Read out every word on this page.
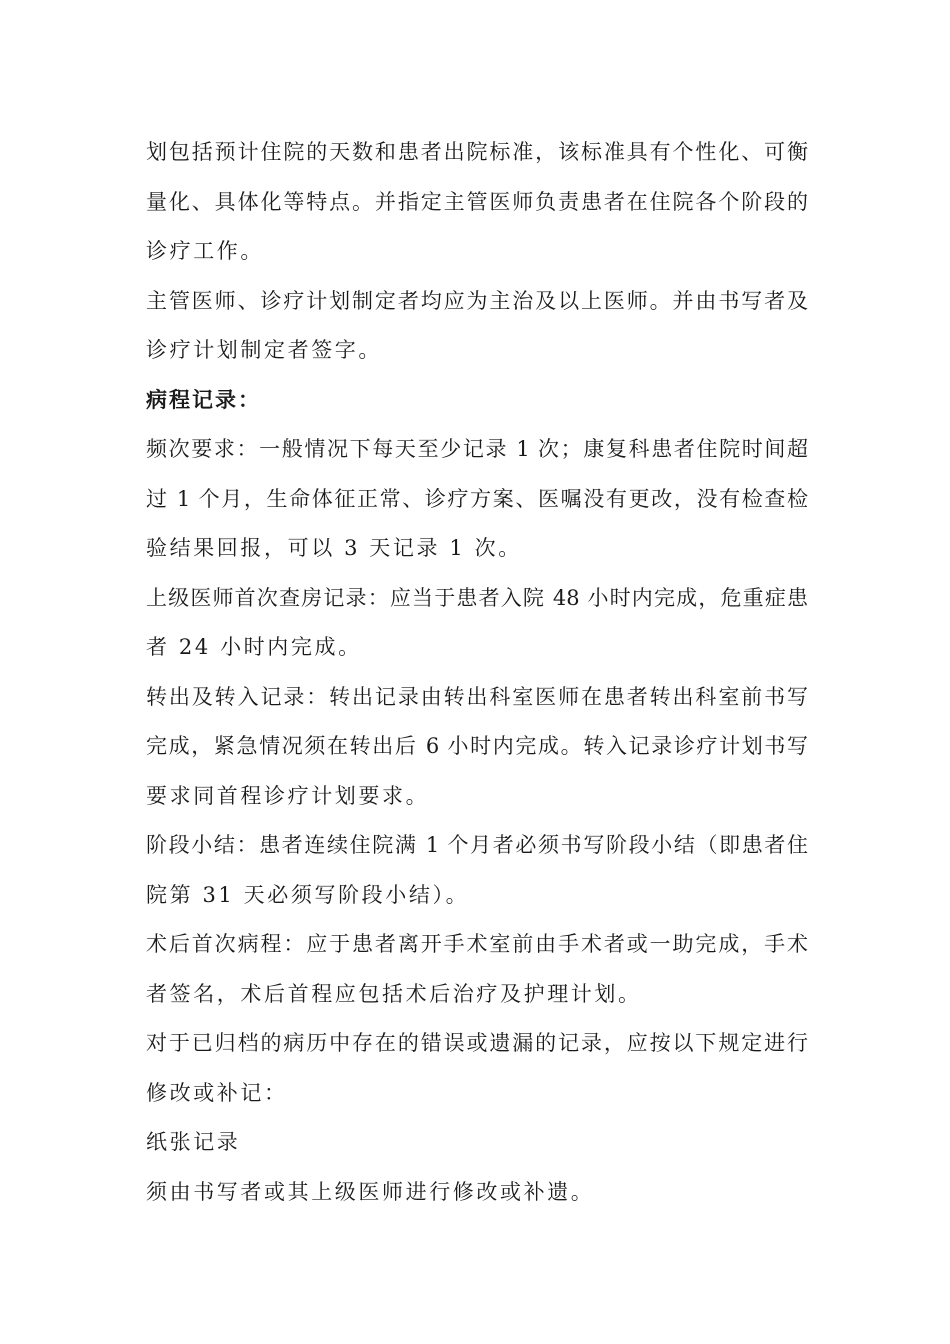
划包括预计住院的天数和患者出院标准，该标准具有个性化、可衡
量化、具体化等特点。并指定主管医师负责患者在住院各个阶段的
诊疗工作。
主管医师、诊疗计划制定者均应为主治及以上医师。并由书写者及
诊疗计划制定者签字。
病程记录：
频次要求：一般情况下每天至少记录 1 次；康复科患者住院时间超
过 1 个月，生命体征正常、诊疗方案、医嘱没有更改，没有检查检
验结果回报，可以 3 天记录 1 次。
上级医师首次查房记录：应当于患者入院 48 小时内完成，危重症患
者 24 小时内完成。
转出及转入记录：转出记录由转出科室医师在患者转出科室前书写
完成，紧急情况须在转出后 6 小时内完成。转入记录诊疗计划书写
要求同首程诊疗计划要求。
阶段小结：患者连续住院满 1 个月者必须书写阶段小结（即患者住
院第 31 天必须写阶段小结）。
术后首次病程：应于患者离开手术室前由手术者或一助完成，手术
者签名，术后首程应包括术后治疗及护理计划。
对于已归档的病历中存在的错误或遗漏的记录，应按以下规定进行
修改或补记：
纸张记录
须由书写者或其上级医师进行修改或补遗。
